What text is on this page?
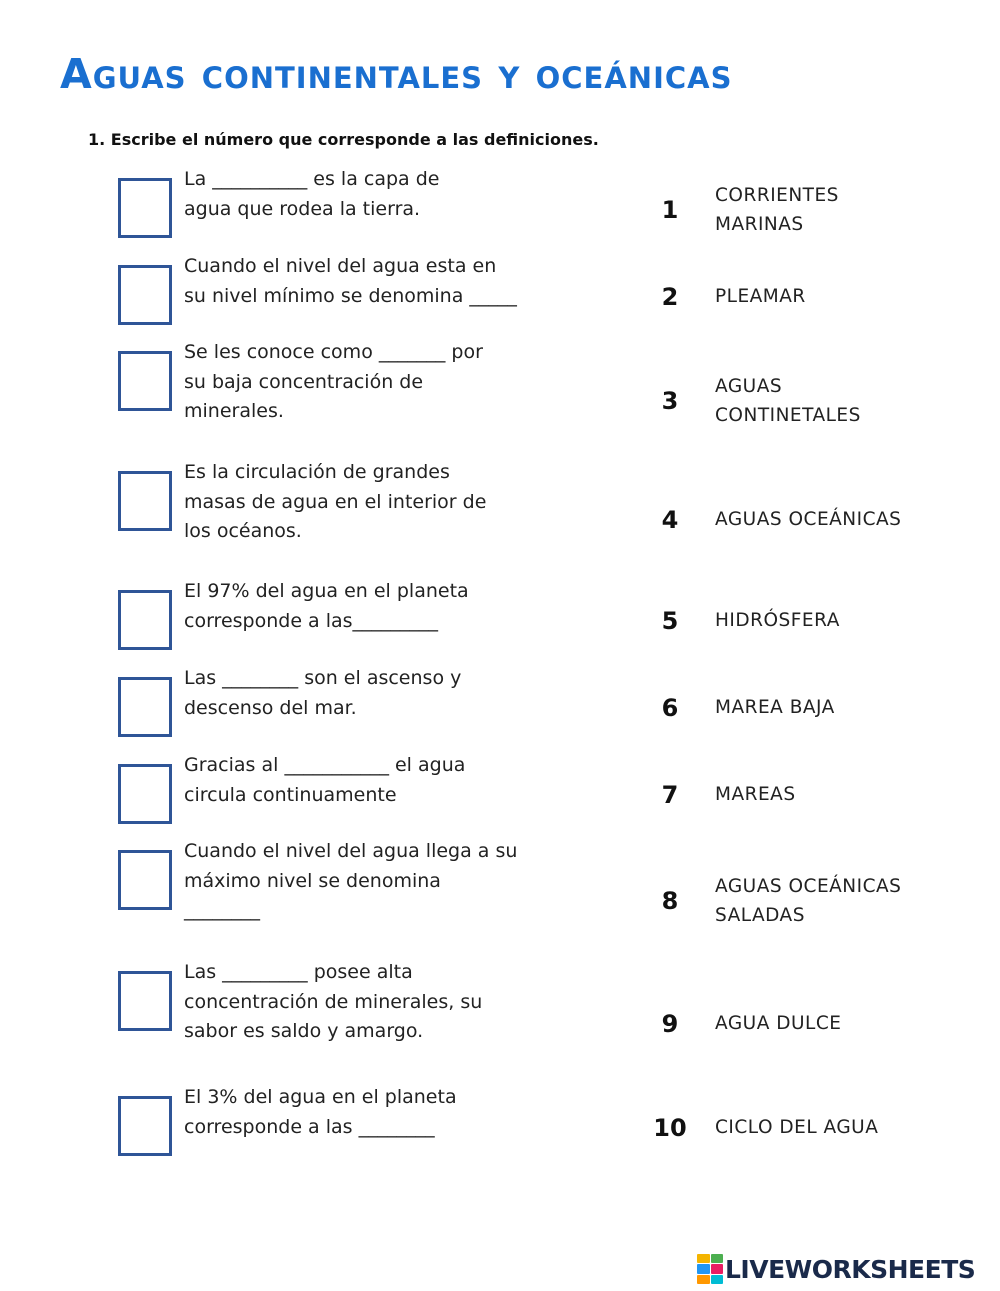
Aguas continentales y oceánicas
1. Escribe el número que corresponde a las definiciones.
La __________ es la capa de
agua que rodea la tierra.
Cuando el nivel del agua esta en
su nivel mínimo se denomina _____
Se les conoce como _______ por
su baja concentración de
minerales.
Es la circulación de grandes
masas de agua en el interior de
los océanos.
El 97% del agua en el planeta
corresponde a las_________
Las ________ son el ascenso y
descenso del mar.
Gracias al ___________ el agua
circula continuamente
Cuando el nivel del agua llega a su
máximo nivel se denomina
________
Las _________ posee alta
concentración de minerales, su
sabor es saldo y amargo.
El 3% del agua en el planeta
corresponde a las ________
1
CORRIENTES
MARINAS
2	PLEAMAR
3
AGUAS
CONTINETALES
4	AGUAS OCEÁNICAS
5	HIDRÓSFERA
6	MAREA BAJA
7	MAREAS
8
AGUAS OCEÁNICAS
SALADAS
9	AGUA DULCE
10 CICLO DEL AGUA
LIVEWORKSHEETS
